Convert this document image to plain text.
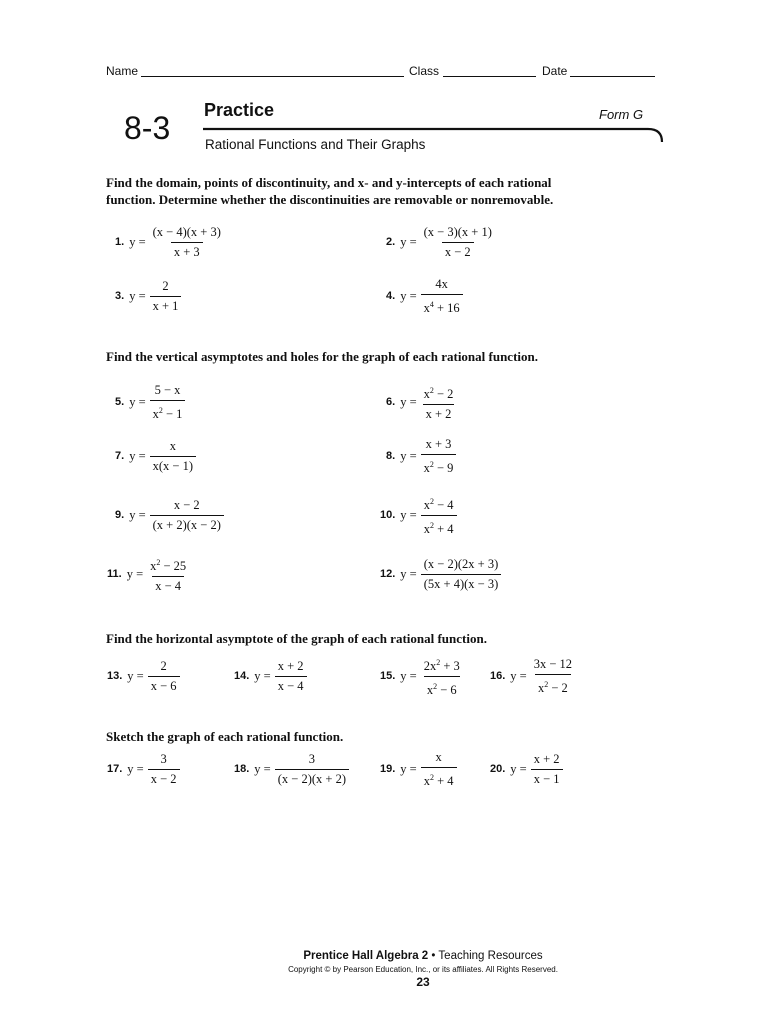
Name	Class	Date
8-3 Practice	Form G
Rational Functions and Their Graphs
Find the domain, points of discontinuity, and x- and y-intercepts of each rational
function. Determine whether the discontinuities are removable or nonremovable.
1. $y = \frac{(x - 4)(x + 3)}{x + 3}$	2. $y = \frac{(x - 3)(x + 1)}{x - 2}$
3. $y = \frac{2}{x + 1}$	4. $y = \frac{4x}{x^4 + 16}$
Find the vertical asymptotes and holes for the graph of each rational function.
5. $y = \frac{5 - x}{x^2 - 1}$	6. $y = \frac{x^2 - 2}{x + 2}$
7. $y = \frac{x}{x(x - 1)}$	8. $y = \frac{x + 3}{x^2 - 9}$
9. $y = \frac{x - 2}{(x + 2)(x - 2)}$	10. $y = \frac{x^2 - 4}{x^2 + 4}$
11. $y = \frac{x^2 - 25}{x - 4}$	12. $y = \frac{(x - 2)(2x + 3)}{(5x + 4)(x - 3)}$
Find the horizontal asymptote of the graph of each rational function.
13. $y = \frac{2}{x - 6}$	14. $y = \frac{x + 2}{x - 4}$	15. $y = \frac{2x^2 + 3}{x^2 - 6} 16$. $y = \frac{3x - 12}{x^2 - 2}$
Sketch the graph of each rational function.
17. $y = \frac{3}{x - 2}$	18. $y = \frac{3}{(x - 2)(x + 2)}$	19. $y = \frac{x}{x^2 + 4}$	20. $y = \frac{x + 2}{x - 1}$
Prentice Hall Algebra 2 • Teaching Resources
Copyright © by Pearson Education, Inc., or its affiliates. All Rights Reserved.
23
